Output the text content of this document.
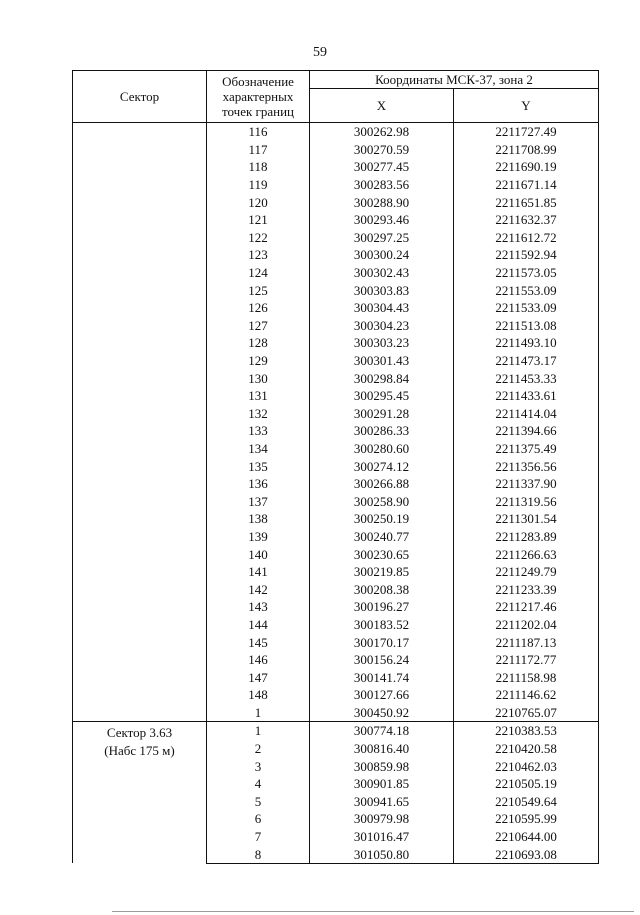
59
Сектор	Обозначение характерных точек границ	Координаты МСК-37, зона 2	
		X	Y
	116	300262.98	2211727.49
	117	300270.59	2211708.99
	118	300277.45	2211690.19
	119	300283.56	2211671.14
	120	300288.90	2211651.85
	121	300293.46	2211632.37
	122	300297.25	2211612.72
	123	300300.24	2211592.94
	124	300302.43	2211573.05
	125	300303.83	2211553.09
	126	300304.43	2211533.09
	127	300304.23	2211513.08
	128	300303.23	2211493.10
	129	300301.43	2211473.17
	130	300298.84	2211453.33
	131	300295.45	2211433.61
	132	300291.28	2211414.04
	133	300286.33	2211394.66
	134	300280.60	2211375.49
	135	300274.12	2211356.56
	136	300266.88	2211337.90
	137	300258.90	2211319.56
	138	300250.19	2211301.54
	139	300240.77	2211283.89
	140	300230.65	2211266.63
	141	300219.85	2211249.79
	142	300208.38	2211233.39
	143	300196.27	2211217.46
	144	300183.52	2211202.04
	145	300170.17	2211187.13
	146	300156.24	2211172.77
	147	300141.74	2211158.98
	148	300127.66	2211146.62
	1	300450.92	2210765.07
Сектор 3.63
(Набс 175 м)	1	300774.18	2210383.53
	2	300816.40	2210420.58
	3	300859.98	2210462.03
	4	300901.85	2210505.19
	5	300941.65	2210549.64
	6	300979.98	2210595.99
	7	301016.47	2210644.00
	8	301050.80	2210693.08
